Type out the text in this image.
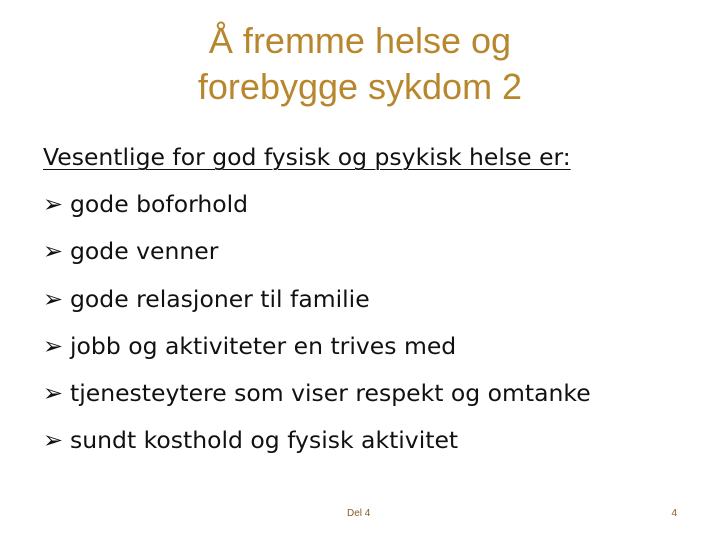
Å fremme helse og
forebygge sykdom 2
Vesentlige for god fysisk og psykisk helse er:
➢ gode boforhold
➢ gode venner
➢ gode relasjoner til familie
➢ jobb og aktiviteter en trives med
➢ tjenesteytere som viser respekt og omtanke
➢ sundt kosthold og fysisk aktivitet
Del 4	4
